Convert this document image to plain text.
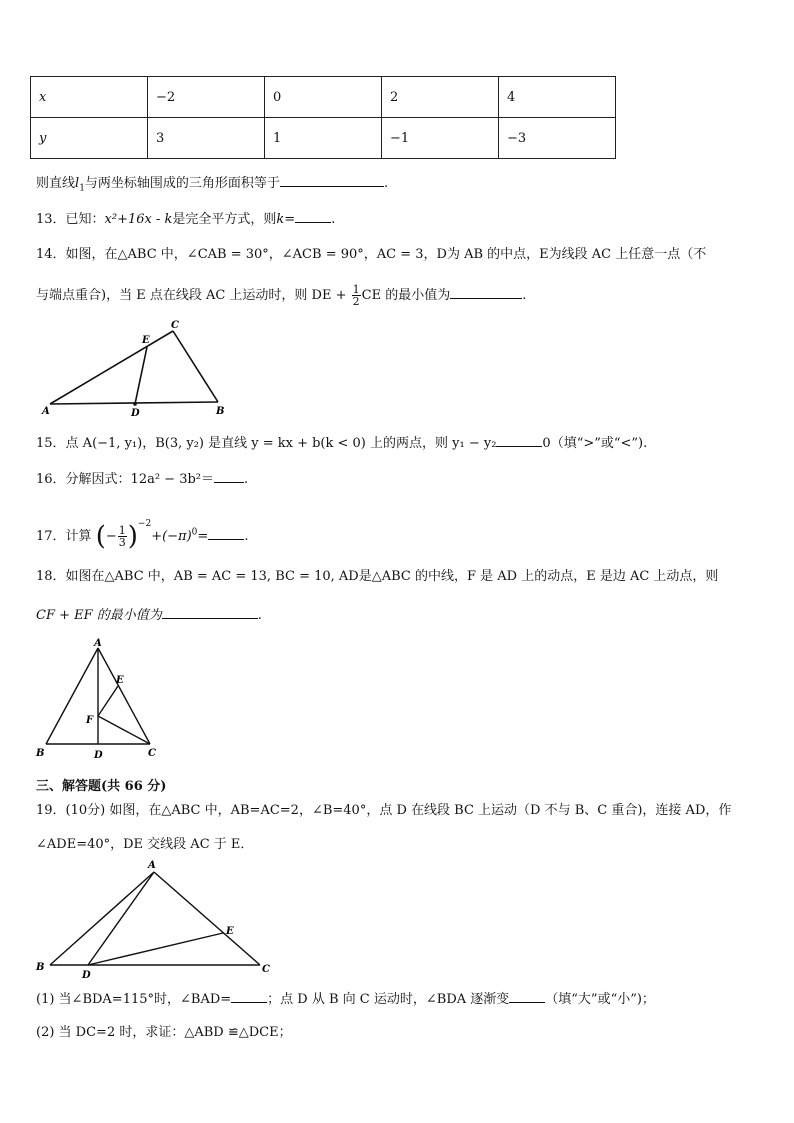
x	−2	0	2	4
y	3	1	−1	−3
则直线$l_1$与两坐标轴围成的三角形面积等于	.
13．已知：x²+16x - k是完全平方式，则k=	.
14．如图，在△ABC 中，∠CAB = 30°，∠ACB = 90°，AC = 3，D为 AB 的中点，E为线段 AC 上任意一点（不
与端点重合)，当 E 点在线段 AC 上运动时，则 DE + $\frac{1}{2}$ CE 的最小值为	.
A	B
C
D
E
15．点 A(−1, y₁)，B(3, y₂) 是直线 y = kx + b(k < 0) 上的两点，则 y₁ − y₂	0（填“>”或“<”).
16．分解因式：12a² − 3b²＝ .
17．计算 (− $\frac{1}{3} )^{-2}+(-\pi)^0=$	.
18．如图在△ABC 中，AB = AC = 13, BC = 10, AD是△ABC 的中线，F 是 AD 上的动点，E 是边 AC 上动点，则
CF + EF 的最小值为	.
A
B	C
D
E
F
三、解答题(共 66 分)
19．(10分) 如图，在△ABC 中，AB=AC=2，∠B=40°，点 D 在线段 BC 上运动（D 不与 B、C 重合)，连接 AD，作
∠ADE=40°，DE 交线段 AC 于 E．
A
B	C
D
E
(1) 当∠BDA=115°时，∠BAD=	；点 D 从 B 向 C 运动时，∠BDA 逐渐变	（填“大”或“小”)；
(2) 当 DC=2 时，求证：△ABD ≌△DCE；
